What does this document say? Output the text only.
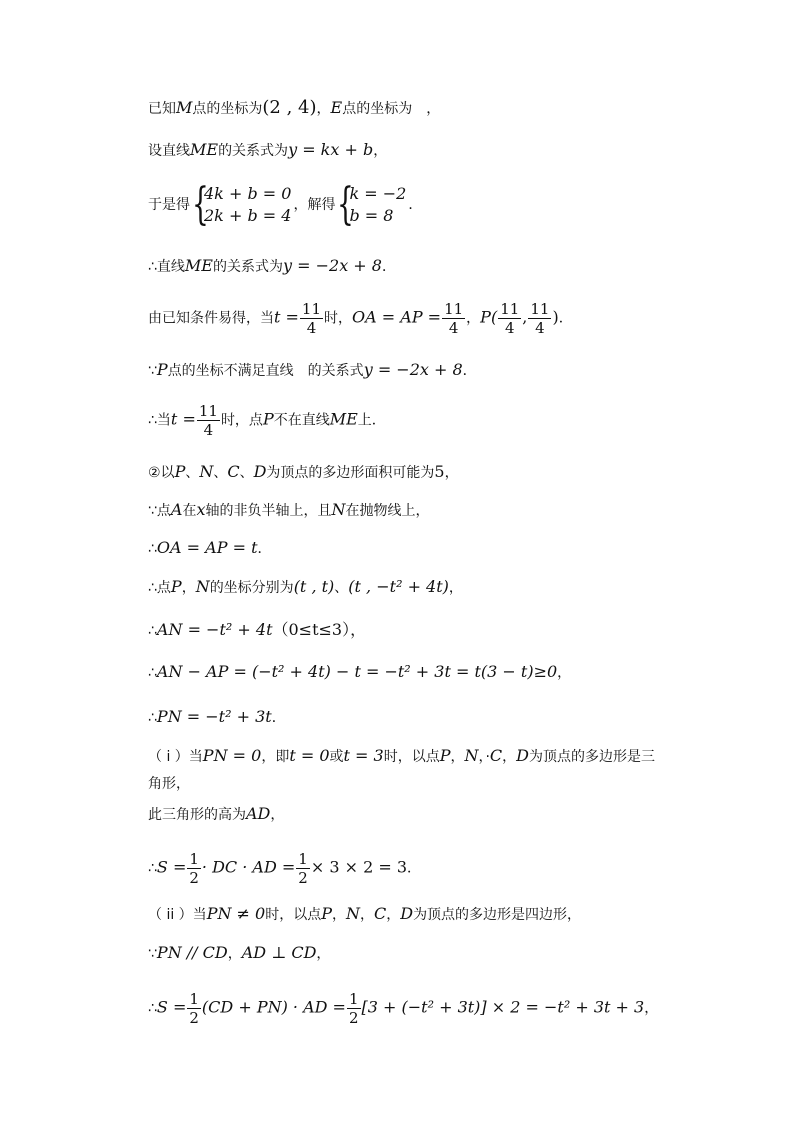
已知M点的坐标为(2 , 4)，E点的坐标为　，
设直线ME的关系式为y = kx + b，
于是得 {
4k + b = 0
2k + b = 4
，解得 {
k = −2
b = 8
．
∴直线ME的关系式为y = −2x + 8．
由已知条件易得，当$t = \frac{11}{4}$ 时，OA = AP = $\frac{11}{4}$ ，$P( \frac{11}{4}$ , $\frac{11}{4}$ )．
∵P点的坐标不满足直线　的关系式y = −2x + 8．
∴当$t = \frac{11}{4}$ 时，点P不在直线ME上．
②以P、N、C、D为顶点的多边形面积可能为5，
∵点A在x轴的非负半轴上，且N在抛物线上，
∴OA = AP = t．
∴点P，N的坐标分别为(t , t)、(t , −t² + 4t)，
∴AN = −t² + 4t（0≤t≤3），
∴AN − AP = (−t² + 4t) − t = −t² + 3t = t(3 − t)≥0，
∴PN = −t² + 3t．
（ i ）当PN = 0，即t = 0或t = 3时，以点P，N，·C，D为顶点的多边形是三
角形，
此三角形的高为AD，
∴S = $\frac{1}{2}$ · DC · AD = $\frac{1}{2} \times 3 \times 2 = 3$．
（ ii ）当PN ≠ 0时，以点P，N，C，D为顶点的多边形是四边形，
∵PN // CD，AD ⊥ CD，
∴S = $\frac{1}{2} (CD + PN)$ · AD = $\frac{1}{2} [3 + (-t^2 + 3t)] \times 2 = -t^2 + 3t + 3$，
